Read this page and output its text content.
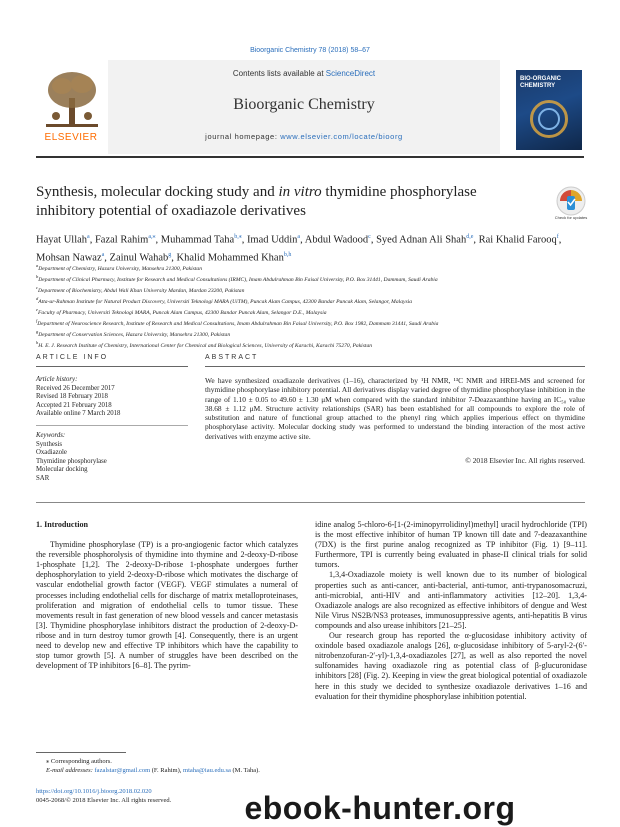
Bioorganic Chemistry 78 (2018) 58–67
ELSEVIER
Contents lists available at ScienceDirect
Bioorganic Chemistry
journal homepage: www.elsevier.com/locate/bioorg
BIO-ORGANIC CHEMISTRY
Synthesis, molecular docking study and in vitro thymidine phosphorylase inhibitory potential of oxadiazole derivatives	Check for updates
Hayat Ullah$^a$, Fazal Rahim$^{a,⁎}$, Muhammad Taha$^{b,⁎}$, Imad Uddin$^a$, Abdul Wadood$^c$, Syed Adnan Ali Shah$^{d,e}$, Rai Khalid Farooq$^f$, Mohsan Nawaz$^a$, Zainul Wahab$^g$, Khalid Mohammed Khan$^{b,h}$
$^a$Department of Chemistry, Hazara University, Mansehra 21300, Pakistan
$^b$Department of Clinical Pharmacy, Institute for Research and Medical Consultations (IRMC), Imam Abdulrahman Bin Faisal University, P.O. Box 31441, Dammam, Saudi Arabia
$^c$Department of Biochemistry, Abdul Wali Khan University Mardan, Mardan 23200, Pakistan
$^d$Atta-ur-Rahman Institute for Natural Product Discovery, Universiti Teknologi MARA (UiTM), Puncak Alam Campus, 42300 Bandar Puncak Alam, Selangor, Malaysia
$^e$Faculty of Pharmacy, Universiti Teknologi MARA, Puncak Alam Campus, 42300 Bandar Puncak Alam, Selangor D.E., Malaysia
$^f$Department of Neuroscience Research, Institute of Research and Medical Consultations, Imam Abdulrahman Bin Faisal University, P.O. Box 1982, Dammam 31441, Saudi Arabia
$^g$Department of Conservation Sciences, Hazara University, Mansehra 21300, Pakistan
$^h$H. E. J. Research Institute of Chemistry, International Center for Chemical and Biological Sciences, University of Karachi, Karachi 75270, Pakistan
ARTICLE INFO	ABSTRACT
Article history:
Received 26 December 2017
Revised 18 February 2018
Accepted 21 February 2018
Available online 7 March 2018
Keywords:
Synthesis
Oxadiazole
Thymidine phosphorylase
Molecular docking
SAR
We have synthesized oxadiazole derivatives (1–16), characterized by ¹H NMR, ¹³C NMR and HREI-MS and screened for thymidine phosphorylase inhibitory potential. All derivatives display varied degree of thymidine phosphorylase inhibition in the range of 1.10 ± 0.05 to 49.60 ± 1.30 μM when compared with the standard inhibitor 7-Deazaxanthine having an IC₅₀ value 38.68 ± 1.12 μM. Structure activity relationships (SAR) has been established for all compounds to explore the role of substitution and nature of functional group attached to the phenyl ring which applies imperious effect on thymidine phosphorylase activity. Molecular docking study was performed to understand the binding interaction of the most active derivatives with enzyme active site.
© 2018 Elsevier Inc. All rights reserved.
1. Introduction

Thymidine phosphorylase (TP) is a pro-angiogenic factor which catalyzes the reversible phosphorolysis of thymidine into thymine and 2-deoxy-D-ribose 1-phosphate [1,2]. The 2-deoxy-D-ribose 1-phosphate undergoes further dephosphorylation to yield 2-deoxy-D-ribose which motivates the discharge of vascular endothelial growth factor (VEGF). VEGF stimulates a numeral of processes including endothelial cells for discharge of matrix metalloproteinases, proliferation and migration of endothelial cells to tumor tissue. These movements result in fast generation of new blood vessels and cancer metastasis [3]. Thymidine phosphorylase inhibitors distract the production of 2-deoxy-D-ribose and in turn destroy tumor growth [4]. Consequently, there is an urgent need to develop new and effective TP inhibitors which have the capability to stop tumor growth [5]. A number of struggles have been described on the development of TP inhibitors [6–8]. The pyrim-

idine analog 5-chloro-6-[1-(2-iminopyrrolidinyl)methyl] uracil hydrochloride (TPI) is the most effective inhibitor of human TP known till date and 7-deazaxanthine (7DX) is the first purine analog recognized as TP inhibitor (Fig. 1) [9–11]. Furthermore, TPI is currently being evaluated in phase-II clinical trials for solid tumors.

1,3,4-Oxadiazole moiety is well known due to its number of biological properties such as anti-cancer, anti-bacterial, anti-tumor, anti-trypanosomacruzi, anti-microbial, anti-HIV and anti-inflammatory activities [12–20]. 1,3,4-Oxadiazole analogs are also recognized as effective inhibitors of dengue and West Nile Virus NS2B/NS3 proteases, immunosuppressive agents, anti-hepatitis B virus compounds and also urease inhibitors [21–25].

Our research group has reported the α-glucosidase inhibitory activity of oxindole based oxadiazole analogs [26], α-glucosidase inhibitory of 5-aryl-2-(6′-nitrobenzofuran-2′-yl)-1,3,4-oxadiazoles [27], as well as also reported the novel sulfonamides having oxadiazole ring as potential class of β-glucuronidase inhibitors [28] (Fig. 2). Keeping in view the great biological potential of oxadiazole here in this study we decided to synthesize oxadiazole derivatives 1–16 and evaluation for their thymidine phosphorylase inhibition potential.

⁎ Corresponding authors.
E-mail addresses: fazalstar@gmail.com (F. Rahim), mtaha@iau.edu.sa (M. Taha).
https://doi.org/10.1016/j.bioorg.2018.02.020
0045-2068/© 2018 Elsevier Inc. All rights reserved.	ebook-hunter.org
